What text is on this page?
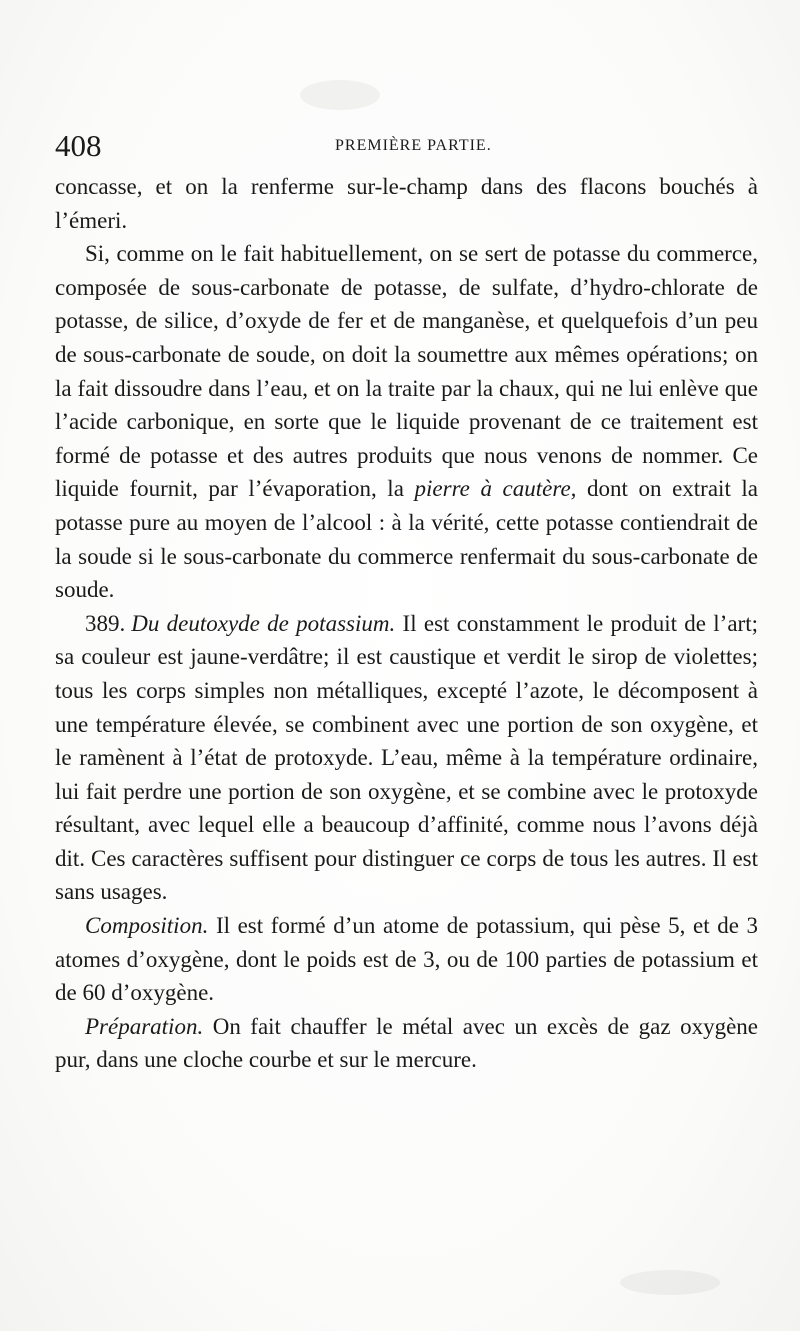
408	PREMIÈRE PARTIE.

concasse, et on la renferme sur-le-champ dans des flacons bouchés à l’émeri.

Si, comme on le fait habituellement, on se sert de potasse du commerce, composée de sous-carbonate de potasse, de sulfate, d’hydro-chlorate de potasse, de silice, d’oxyde de fer et de manganèse, et quelquefois d’un peu de sous-carbonate de soude, on doit la soumettre aux mêmes opérations; on la fait dissoudre dans l’eau, et on la traite par la chaux, qui ne lui enlève que l’acide carbonique, en sorte que le liquide provenant de ce traitement est formé de potasse et des autres produits que nous venons de nommer. Ce liquide fournit, par l’évaporation, la pierre à cautère, dont on extrait la potasse pure au moyen de l’alcool : à la vérité, cette potasse contiendrait de la soude si le sous-carbonate du commerce renfermait du sous-carbonate de soude.

389. Du deutoxyde de potassium. Il est constamment le produit de l’art; sa couleur est jaune-verdâtre; il est caustique et verdit le sirop de violettes; tous les corps simples non métalliques, excepté l’azote, le décomposent à une température élevée, se combinent avec une portion de son oxygène, et le ramènent à l’état de protoxyde. L’eau, même à la température ordinaire, lui fait perdre une portion de son oxygène, et se combine avec le protoxyde résultant, avec lequel elle a beaucoup d’affinité, comme nous l’avons déjà dit. Ces caractères suffisent pour distinguer ce corps de tous les autres. Il est sans usages.

Composition. Il est formé d’un atome de potassium, qui pèse 5, et de 3 atomes d’oxygène, dont le poids est de 3, ou de 100 parties de potassium et de 60 d’oxygène.

Préparation. On fait chauffer le métal avec un excès de gaz oxygène pur, dans une cloche courbe et sur le mercure.
